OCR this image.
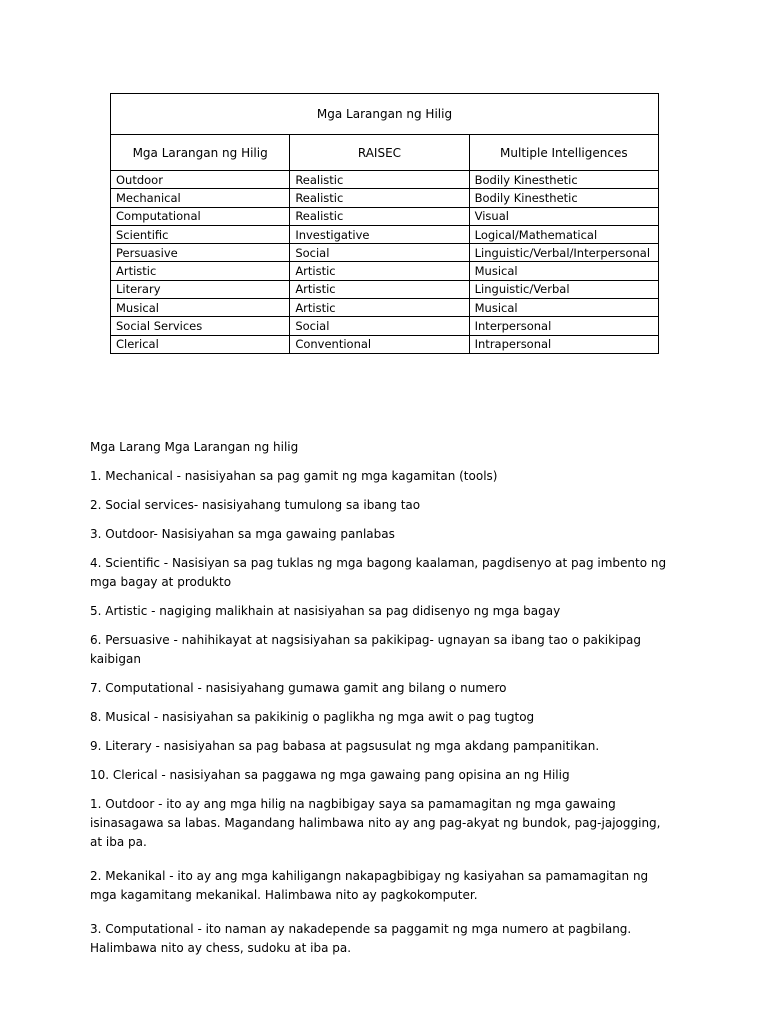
Mga Larangan ng Hilig		
Mga Larangan ng Hilig	RAISEC	Multiple Intelligences
Outdoor	Realistic	Bodily Kinesthetic
Mechanical	Realistic	Bodily Kinesthetic
Computational	Realistic	Visual
Scientific	Investigative	Logical/Mathematical
Persuasive	Social	Linguistic/Verbal/Interpersonal
Artistic	Artistic	Musical
Literary	Artistic	Linguistic/Verbal
Musical	Artistic	Musical
Social Services	Social	Interpersonal
Clerical	Conventional	Intrapersonal

Mga Larang Mga Larangan ng hilig

1. Mechanical - nasisiyahan sa pag gamit ng mga kagamitan (tools)

2. Social services- nasisiyahang tumulong sa ibang tao

3. Outdoor- Nasisiyahan sa mga gawaing panlabas

4. Scientific - Nasisiyan sa pag tuklas ng mga bagong kaalaman, pagdisenyo at pag imbento ng mga bagay at produkto

5. Artistic - nagiging malikhain at nasisiyahan sa pag didisenyo ng mga bagay

6. Persuasive - nahihikayat at nagsisiyahan sa pakikipag- ugnayan sa ibang tao o pakikipag kaibigan

7. Computational - nasisiyahang gumawa gamit ang bilang o numero

8. Musical - nasisiyahan sa pakikinig o paglikha ng mga awit o pag tugtog

9. Literary - nasisiyahan sa pag babasa at pagsusulat ng mga akdang pampanitikan.

10. Clerical - nasisiyahan sa paggawa ng mga gawaing pang opisina an ng Hilig

1. Outdoor - ito ay ang mga hilig na nagbibigay saya sa pamamagitan ng mga gawaing isinasagawa sa labas. Magandang halimbawa nito ay ang pag-akyat ng bundok, pag-jajogging, at iba pa.

2. Mekanikal - ito ay ang mga kahiligangn nakapagbibigay ng kasiyahan sa pamamagitan ng mga kagamitang mekanikal. Halimbawa nito ay pagkokomputer.

3. Computational - ito naman ay nakadepende sa paggamit ng mga numero at pagbilang. Halimbawa nito ay chess, sudoku at iba pa.
